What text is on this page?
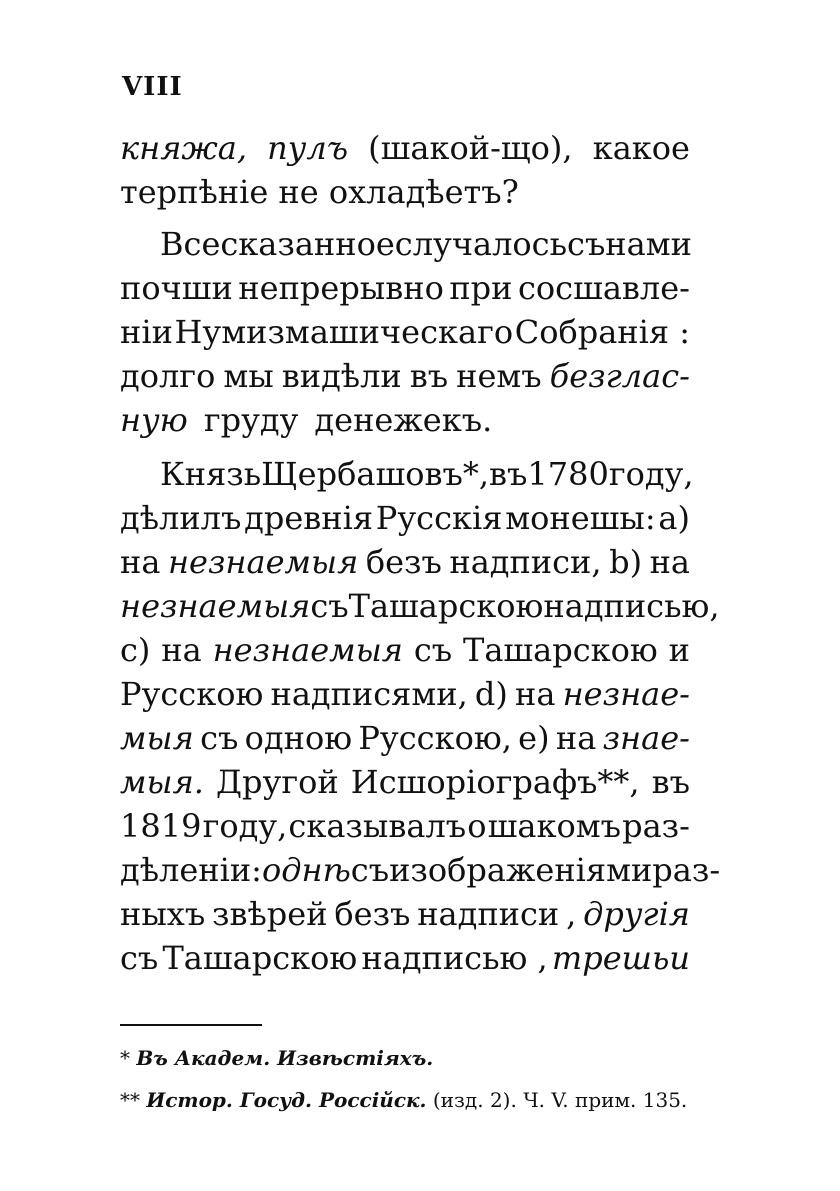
VIII
княжа, пулъ (шакой-що), какое
терпѣніе не охладѣетъ?
Все сказанное случалось съ нами
почши непрерывно при сосшавле-
ніи Нумизмашическаго Собранія :
долго мы видѣли въ немъ безглас-
ную груду денежекъ.
Князь Щербашовъ*, въ 1780 году,
дѣлилъ древнія Русскія монешы: a)
на незнаемыя безъ надписи, b) на
незнаемыя съ Ташарскою надписью,
c) на незнаемыя съ Ташарскою и
Русскою надписями, d) на незнае-
мыя съ одною Русскою, e) на знае-
мыя. Другой Исшоріографъ**, въ
1819 году, сказывалъ о шакомъ раз-
дѣленіи: однѣ съ изображеніями раз-
ныхъ звѣрей безъ надписи , другія
съ Ташарскою надписью , трешьи
* Въ Академ. Извѣстіяхъ.
** Истор. Госуд. Россійск. (изд. 2). Ч. V. прим. 135.
